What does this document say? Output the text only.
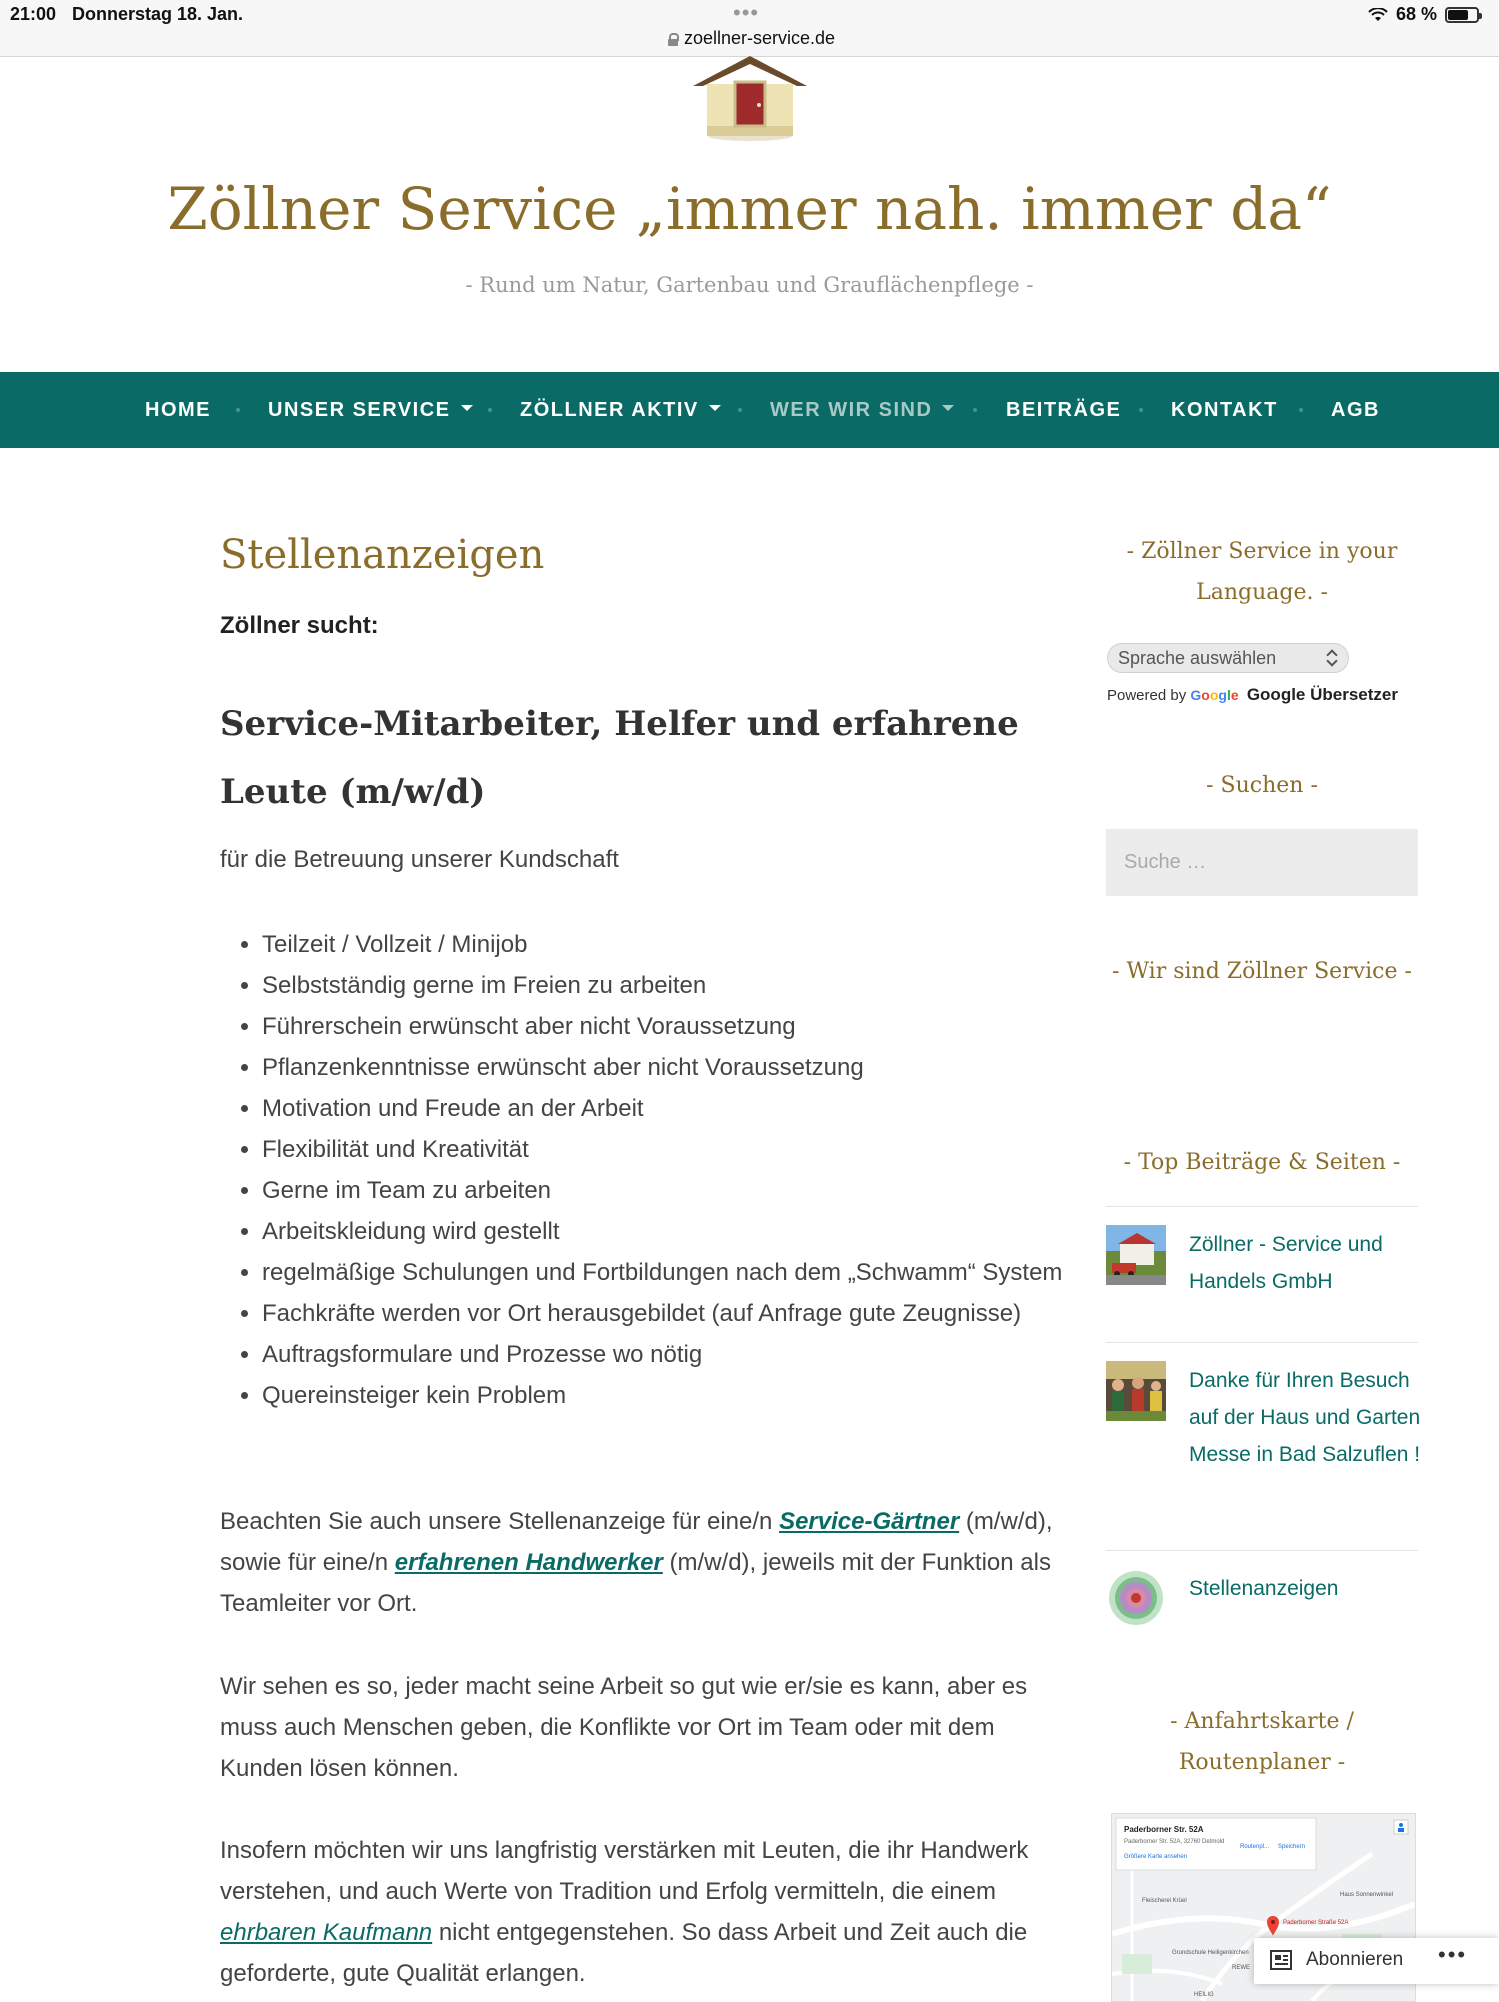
21:00 Donnerstag 18. Jan.	•••
zoellner-service.de
68 %
Zöllner Service „immer nah. immer da“
- Rund um Natur, Gartenbau und Grauflächenpflege -
HOME	UNSER SERVICE	ZÖLLNER AKTIV	WER WIR SIND	BEITRÄGE KONTAKT	AGB
Stellenanzeigen
Zöllner sucht:
Service-Mitarbeiter, Helfer und erfahrene Leute (m/w/d)
für die Betreuung unserer Kundschaft
• Teilzeit / Vollzeit / Minijob
• Selbstständig gerne im Freien zu arbeiten
• Führerschein erwünscht aber nicht Voraussetzung
• Pflanzenkenntnisse erwünscht aber nicht Voraussetzung
• Motivation und Freude an der Arbeit
• Flexibilität und Kreativität
• Gerne im Team zu arbeiten
• Arbeitskleidung wird gestellt
• regelmäßige Schulungen und Fortbildungen nach dem „Schwamm“ System
• Fachkräfte werden vor Ort herausgebildet (auf Anfrage gute Zeugnisse)
• Auftragsformulare und Prozesse wo nötig
• Quereinsteiger kein Problem

Beachten Sie auch unsere Stellenanzeige für eine/n Service-Gärtner (m/w/d), sowie für eine/n erfahrenen Handwerker (m/w/d), jeweils mit der Funktion als Teamleiter vor Ort.

Wir sehen es so, jeder macht seine Arbeit so gut wie er/sie es kann, aber es muss auch Menschen geben, die Konflikte vor Ort im Team oder mit dem Kunden lösen können.

Insofern möchten wir uns langfristig verstärken mit Leuten, die ihr Handwerk verstehen, und auch Werte von Tradition und Erfolg vermitteln, die einem ehrbaren Kaufmann nicht entgegenstehen. So dass Arbeit und Zeit auch die geforderte, gute Qualität erlangen.

- Zöllner Service in your Language. -
Sprache auswählen
Powered by Google Google Übersetzer
- Suchen -
Suche …
- Wir sind Zöllner Service -
- Top Beiträge & Seiten -
Zöllner - Service und Handels GmbH
Danke für Ihren Besuch auf der Haus und Garten Messe in Bad Salzuflen !
Stellenanzeigen
- Anfahrtskarte / Routenplaner -
Paderborner Str. 52A
Paderborner Str. 52A, 32760 Detmold
Größere Karte ansehen
Routenpl... Speichern
Paderborner Straße 52A
Fleischerei Krüel
Haus Sonnenwinkel
REWE
Grundschule Heiligenkirchen
HEILIG
Abonnieren •••
